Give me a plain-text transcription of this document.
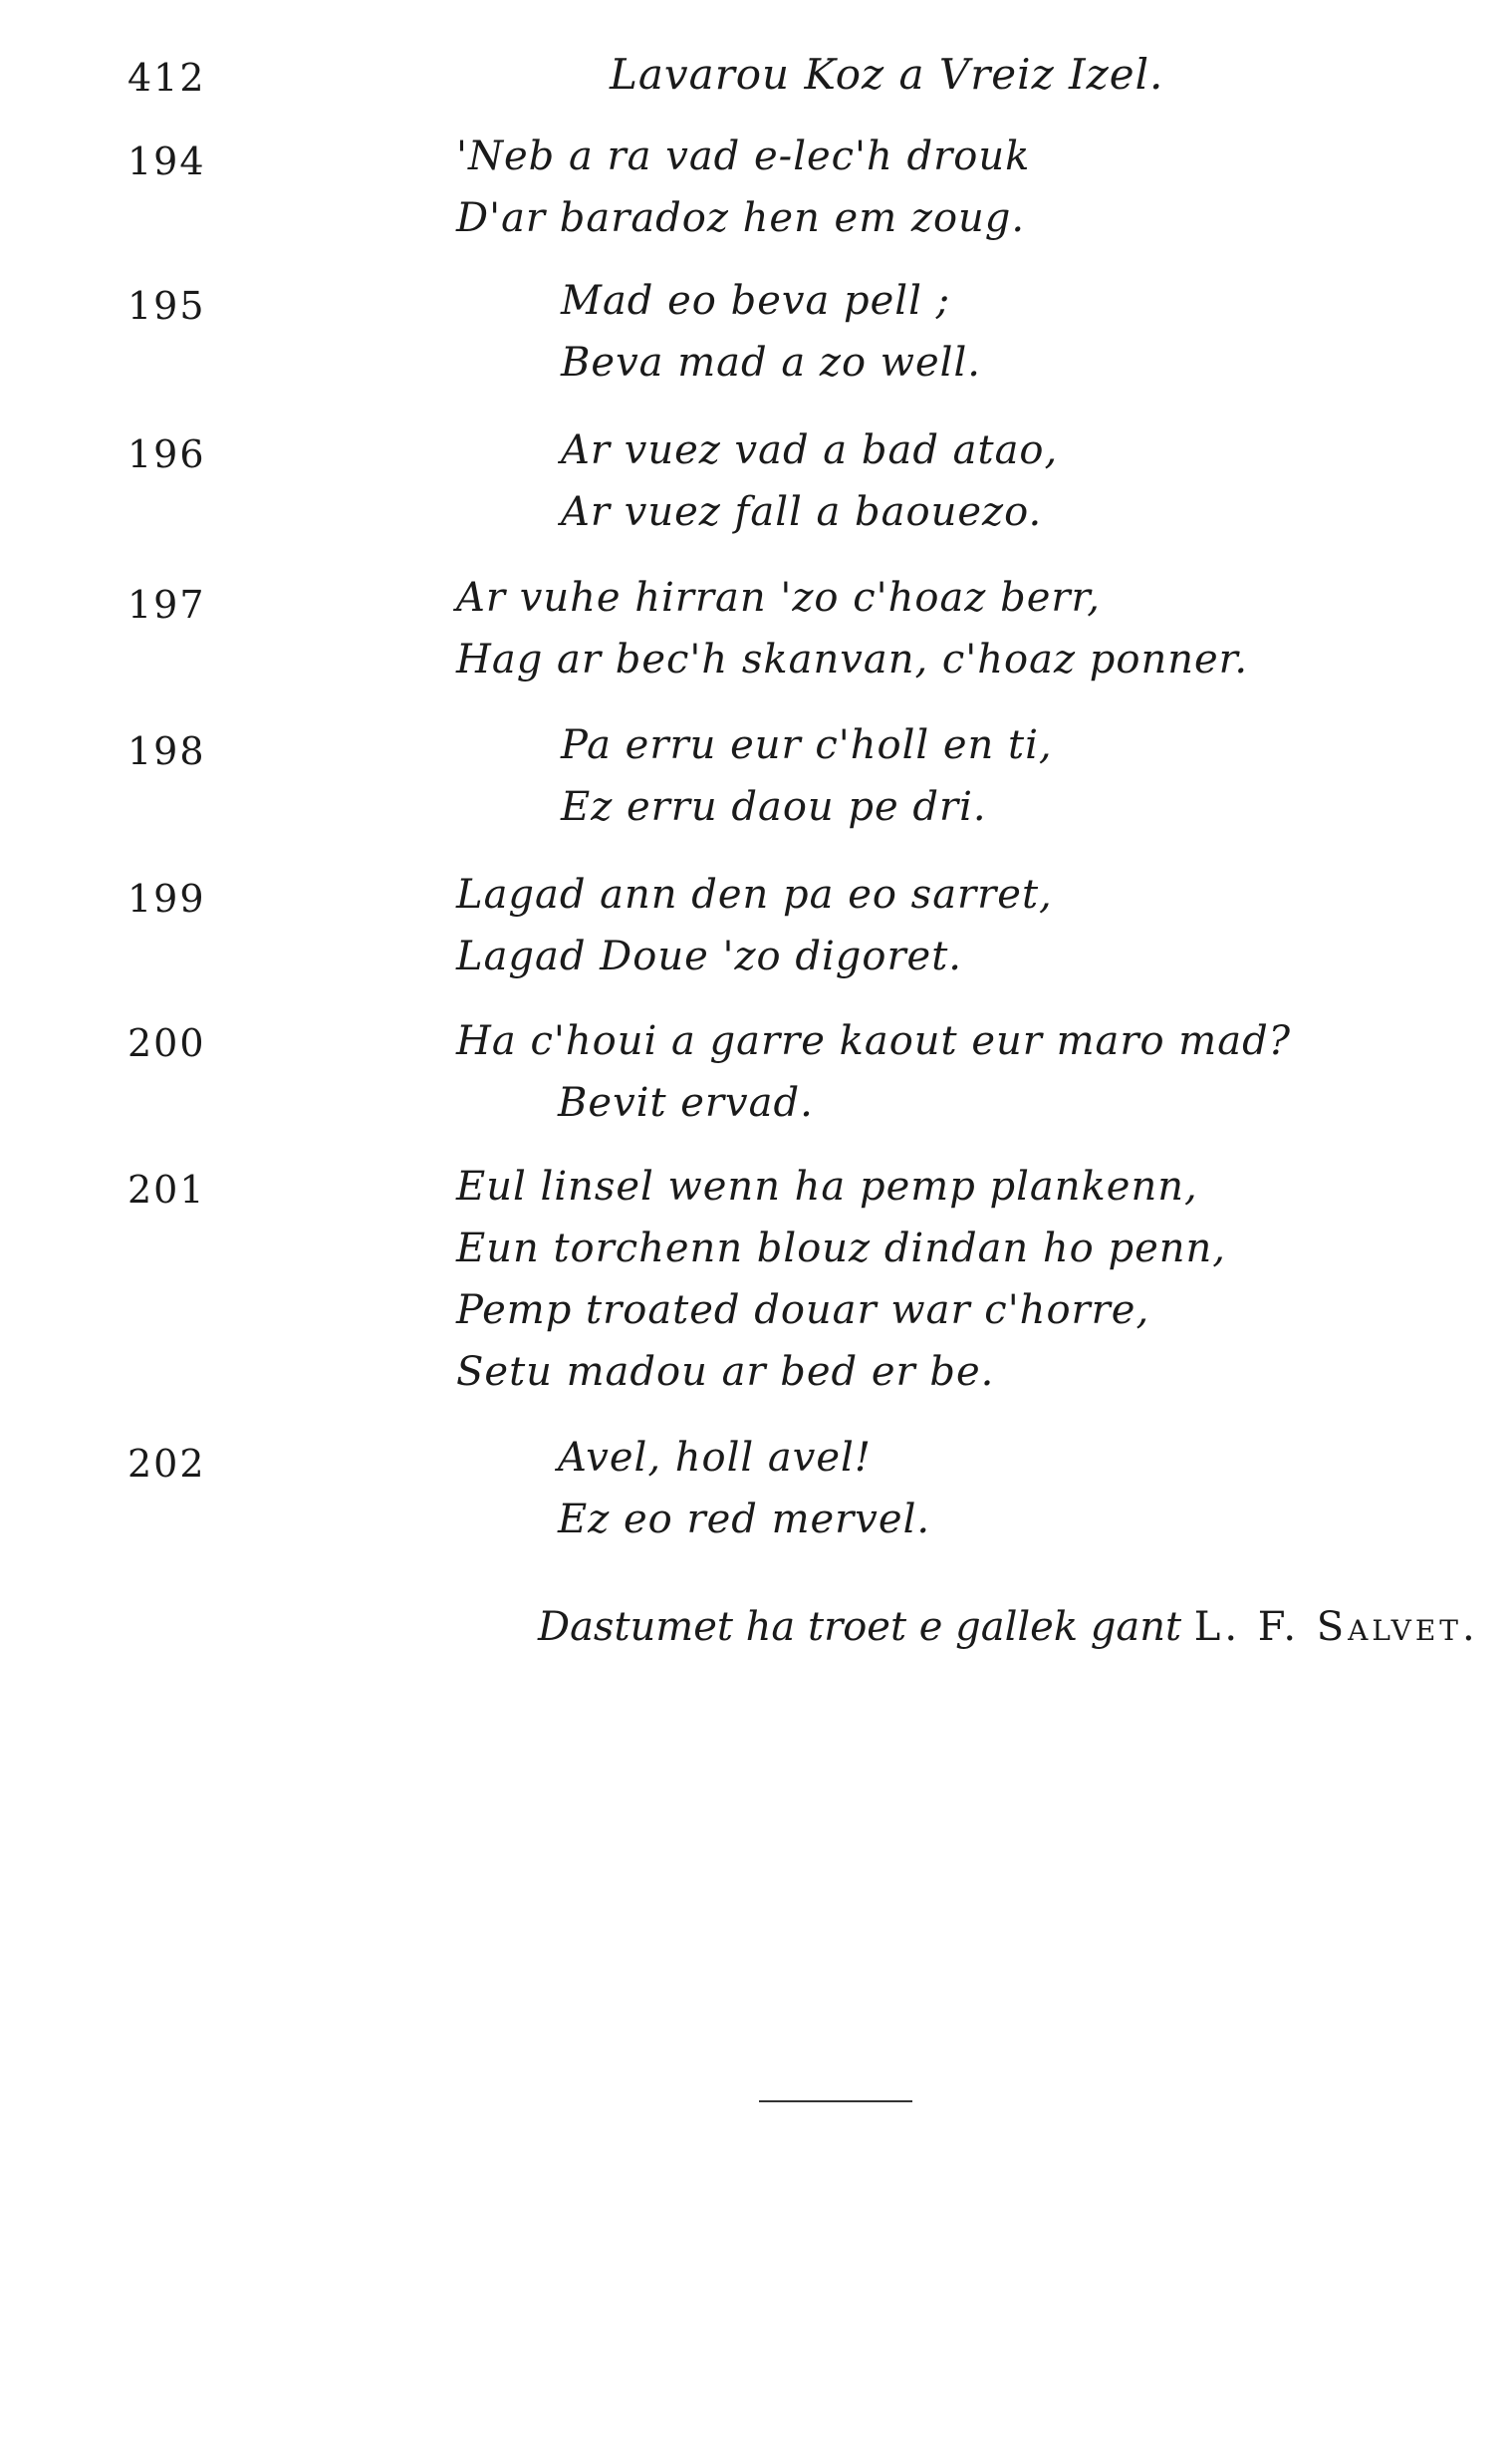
412	Lavarou Koz a Vreiz Izel.
194	'Neb a ra vad e-lec'h drouk
D'ar baradoz hen em zoug.
195	Mad eo beva pell ;
Beva mad a zo well.
196	Ar vuez vad a bad atao,
Ar vuez fall a baouezo.
197	Ar vuhe hirran 'zo c'hoaz berr,
Hag ar bec'h skanvan, c'hoaz ponner.
198	Pa erru eur c'holl en ti,
Ez erru daou pe dri.
199	Lagad ann den pa eo sarret,
Lagad Doue 'zo digoret.
200	Ha c'houi a garre kaout eur maro mad?
Bevit ervad.
201	Eul linsel wenn ha pemp plankenn,
Eun torchenn blouz dindan ho penn,
Pemp troated douar war c'horre,
Setu madou ar bed er be.
202	Avel, holl avel!
Ez eo red mervel.
Dastumet ha troet e gallek gant L. F. Salvet.
